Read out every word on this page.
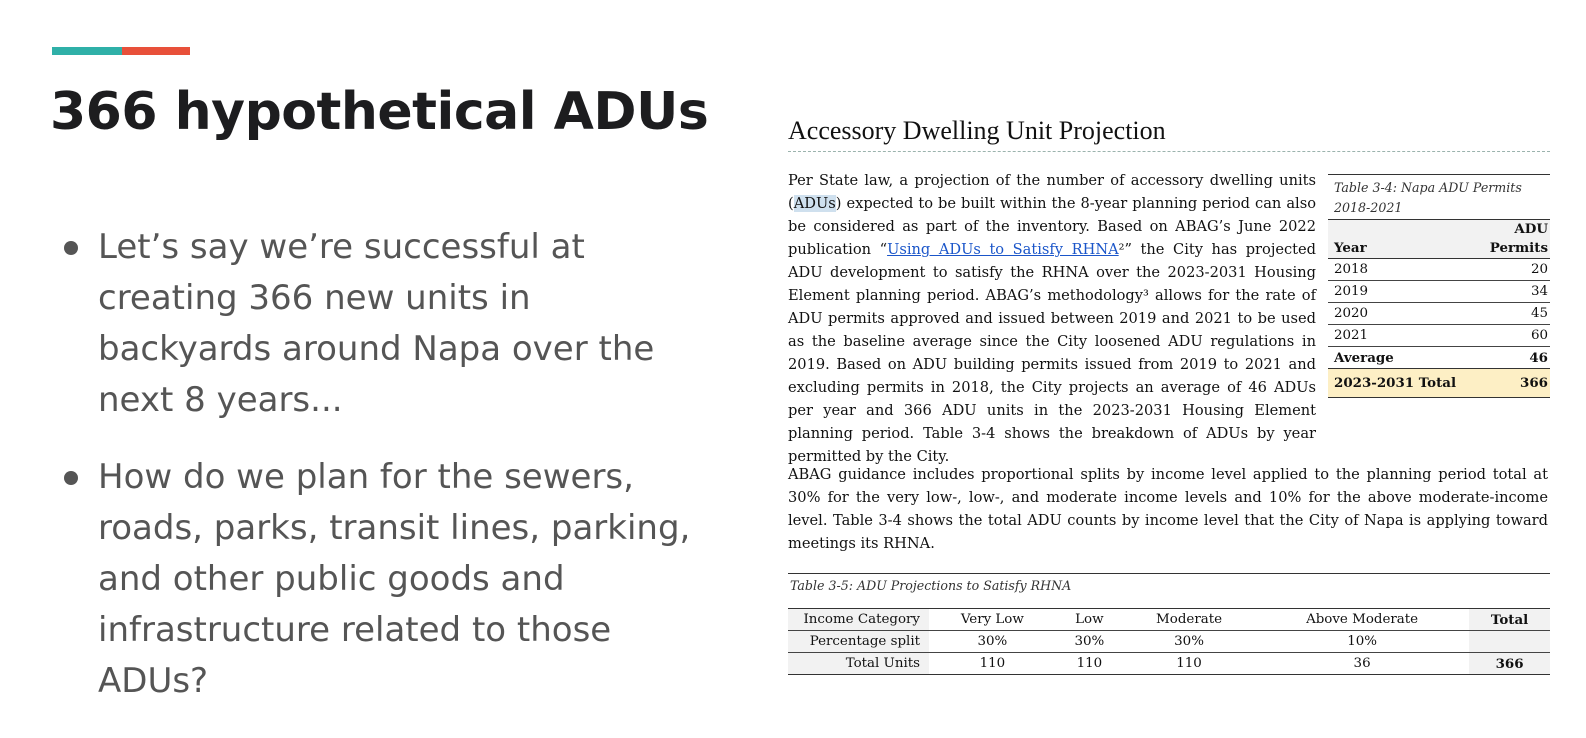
366 hypothetical ADUs
Let’s say we’re successful at creating 366 new units in backyards around Napa over the next 8 years...
How do we plan for the sewers, roads, parks, transit lines, parking, and other public goods and infrastructure related to those ADUs?
Accessory Dwelling Unit Projection

Per State law, a projection of the number of accessory dwelling units (ADUs) expected to be built within the 8-year planning period can also be considered as part of the inventory. Based on ABAG’s June 2022 publication “Using ADUs to Satisfy RHNA²” the City has projected ADU development to satisfy the RHNA over the 2023-2031 Housing Element planning period. ABAG’s methodology³ allows for the rate of ADU permits approved and issued between 2019 and 2021 to be used as the baseline average since the City loosened ADU regulations in 2019. Based on ADU building permits issued from 2019 to 2021 and excluding permits in 2018, the City projects an average of 46 ADUs per year and 366 ADU units in the 2023-2031 Housing Element planning period. Table 3-4 shows the breakdown of ADUs by year permitted by the City.

Table 3-4: Napa ADU Permits 2018-2021
	ADU
Year	Permits
2018	20
2019	34
2020	45
2021	60
Average	46
2023-2031 Total	366

ABAG guidance includes proportional splits by income level applied to the planning period total at 30% for the very low-, low-, and moderate income levels and 10% for the above moderate-income level. Table 3-4 shows the total ADU counts by income level that the City of Napa is applying toward meetings its RHNA.

Table 3-5: ADU Projections to Satisfy RHNA
Income Category	Very Low	Low	Moderate	Above Moderate	Total
Percentage split	30%	30%	30%	10%	
Total Units	110	110	110	36	366
